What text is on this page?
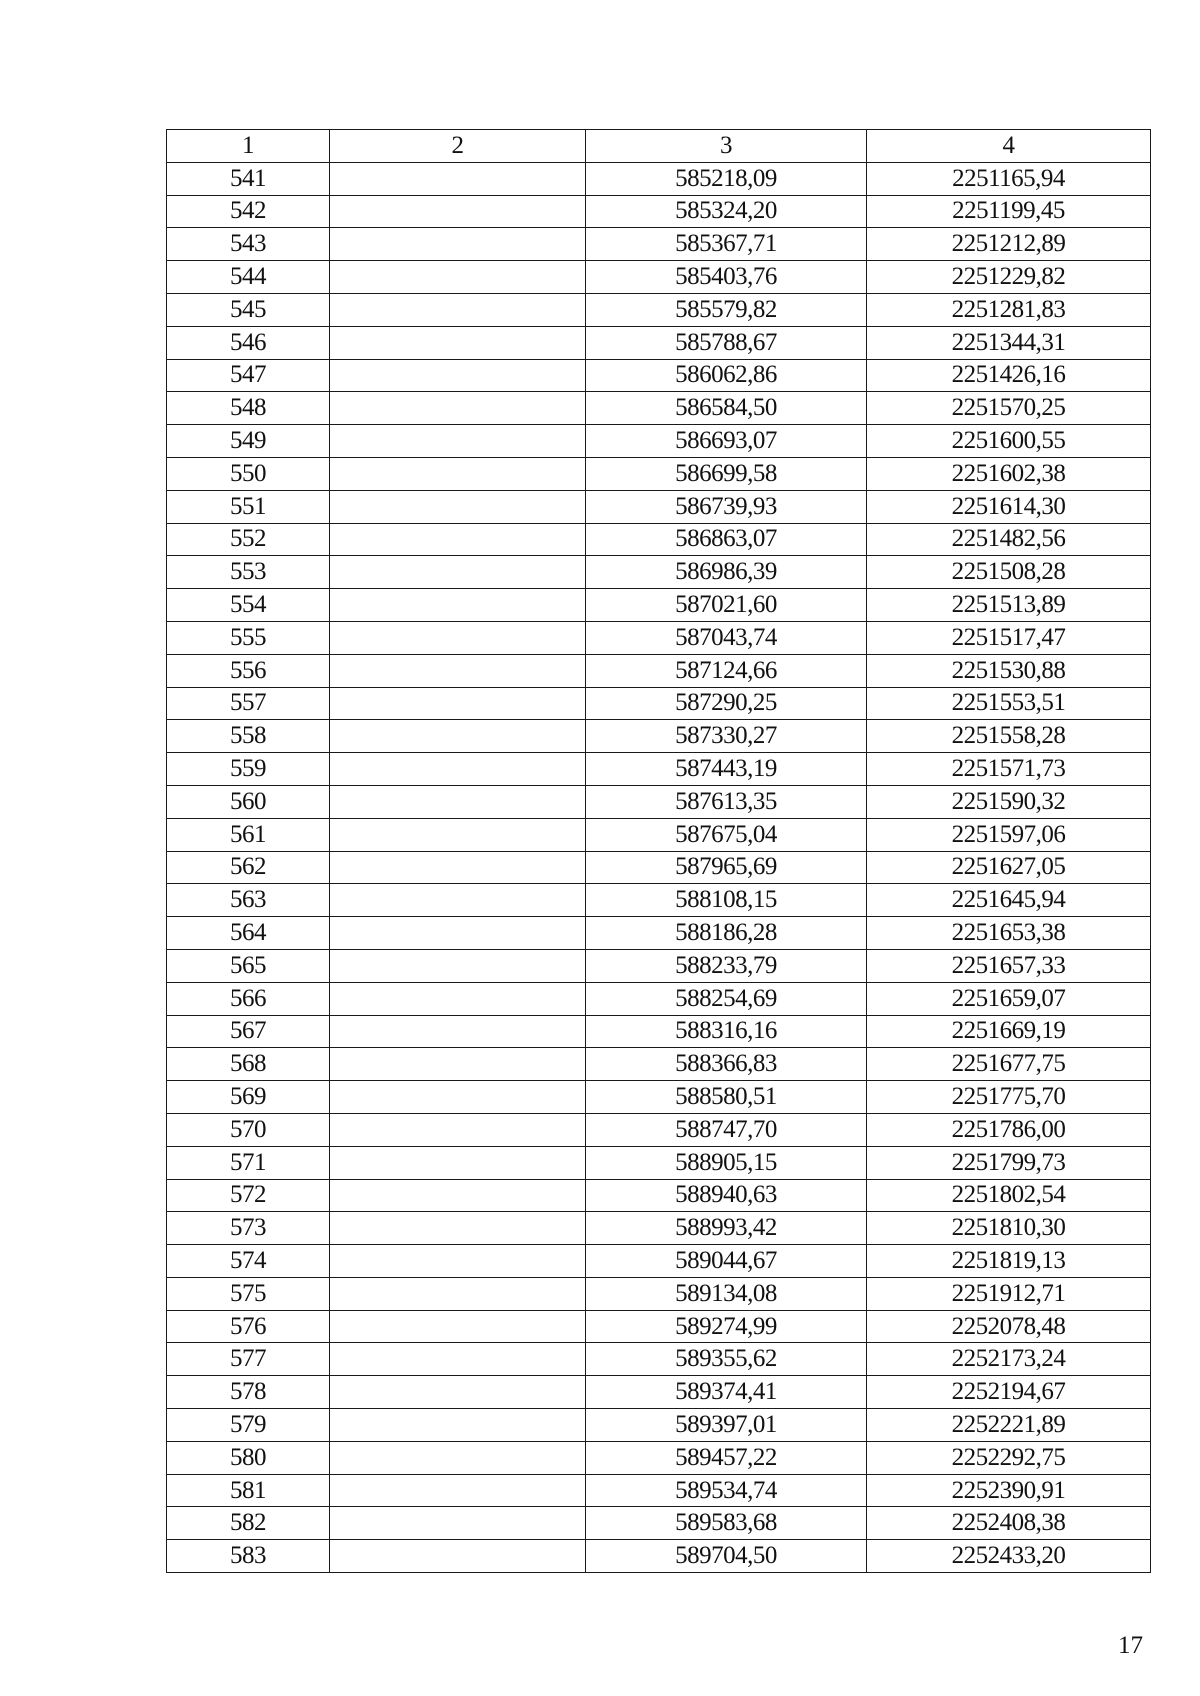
1	2	3	4
541		585218,09	2251165,94
542		585324,20	2251199,45
543		585367,71	2251212,89
544		585403,76	2251229,82
545		585579,82	2251281,83
546		585788,67	2251344,31
547		586062,86	2251426,16
548		586584,50	2251570,25
549		586693,07	2251600,55
550		586699,58	2251602,38
551		586739,93	2251614,30
552		586863,07	2251482,56
553		586986,39	2251508,28
554		587021,60	2251513,89
555		587043,74	2251517,47
556		587124,66	2251530,88
557		587290,25	2251553,51
558		587330,27	2251558,28
559		587443,19	2251571,73
560		587613,35	2251590,32
561		587675,04	2251597,06
562		587965,69	2251627,05
563		588108,15	2251645,94
564		588186,28	2251653,38
565		588233,79	2251657,33
566		588254,69	2251659,07
567		588316,16	2251669,19
568		588366,83	2251677,75
569		588580,51	2251775,70
570		588747,70	2251786,00
571		588905,15	2251799,73
572		588940,63	2251802,54
573		588993,42	2251810,30
574		589044,67	2251819,13
575		589134,08	2251912,71
576		589274,99	2252078,48
577		589355,62	2252173,24
578		589374,41	2252194,67
579		589397,01	2252221,89
580		589457,22	2252292,75
581		589534,74	2252390,91
582		589583,68	2252408,38
583		589704,50	2252433,20
17
